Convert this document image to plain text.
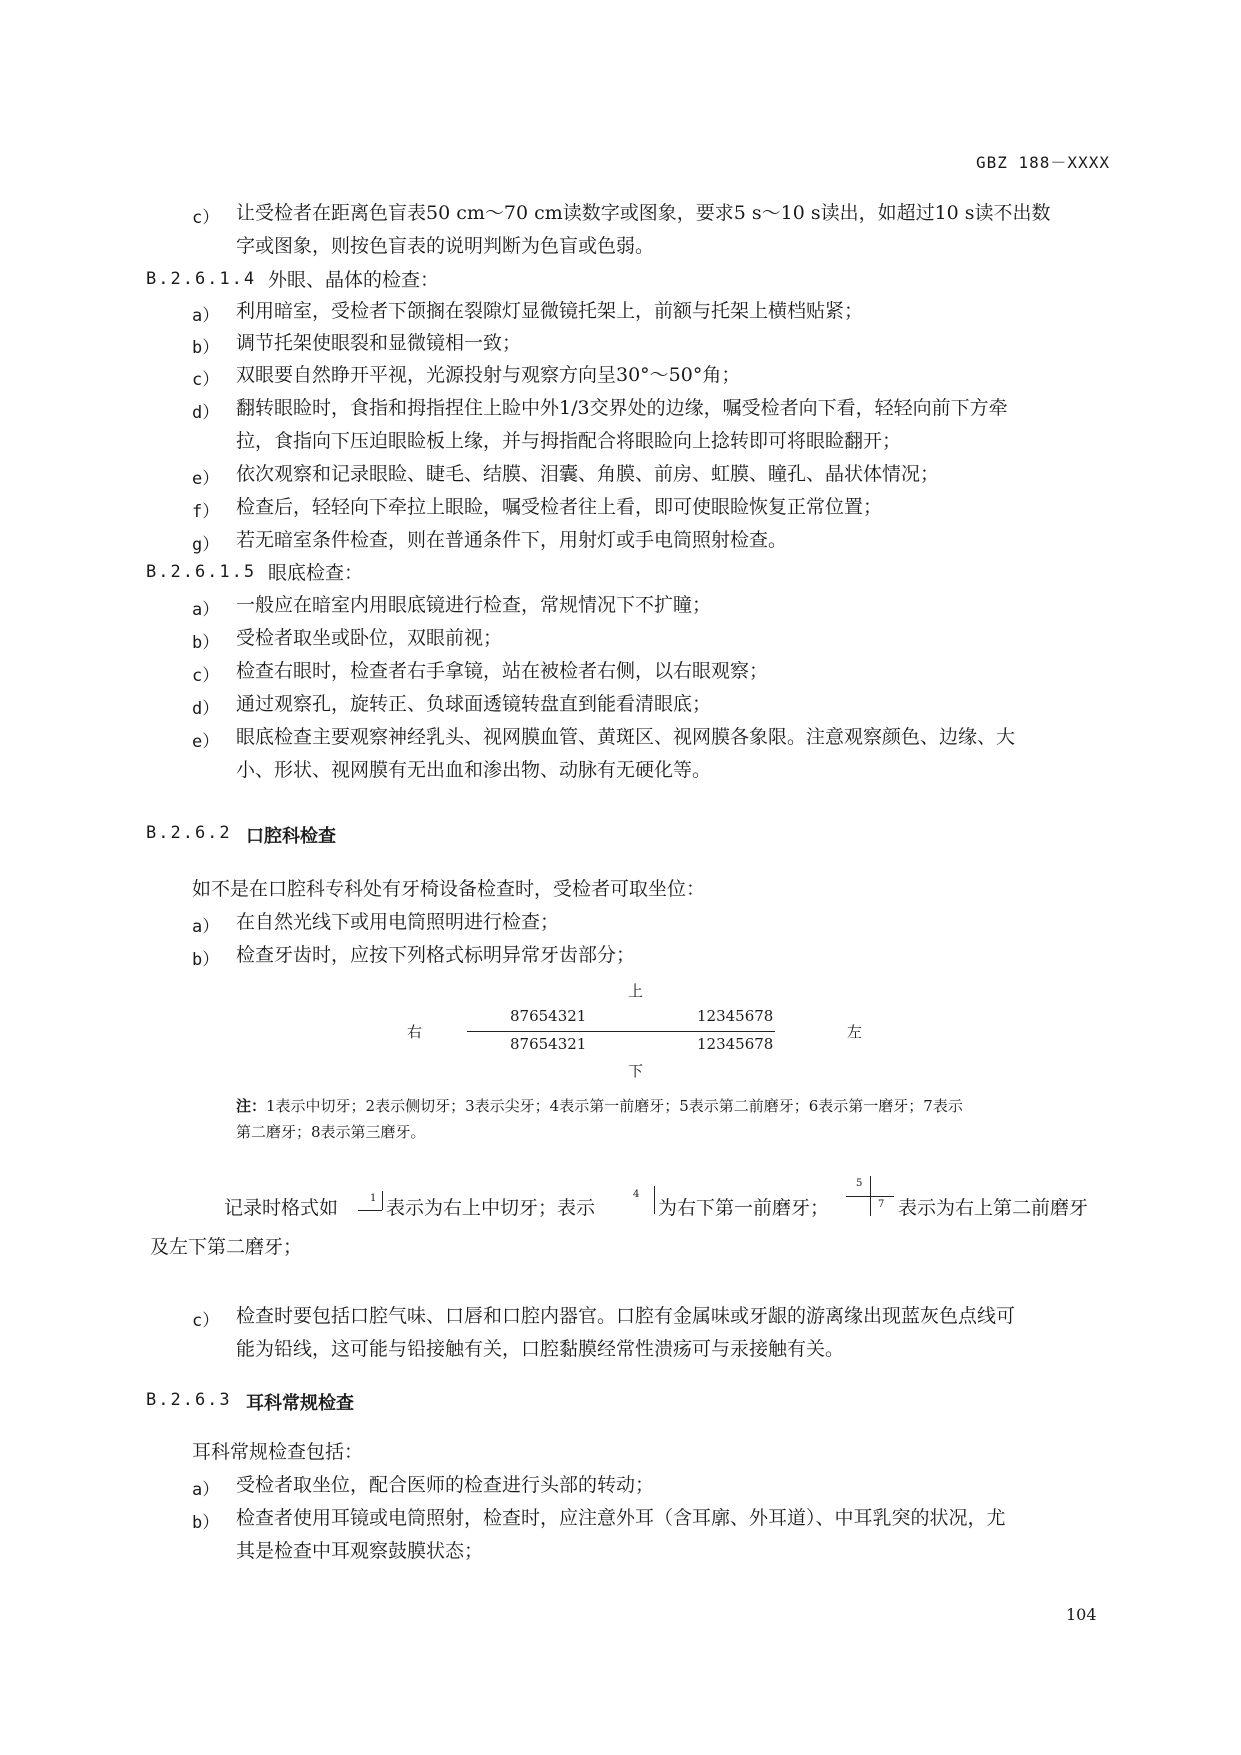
GBZ 188－XXXX
c） 让受检者在距离色盲表50 cm～70 cm读数字或图象，要求5 s～10 s读出，如超过10 s读不出数
字或图象，则按色盲表的说明判断为色盲或色弱。
B.2.6.1.4 外眼、晶体的检查：
a） 利用暗室，受检者下颌搁在裂隙灯显微镜托架上，前额与托架上横档贴紧；
b） 调节托架使眼裂和显微镜相一致；
c） 双眼要自然睁开平视，光源投射与观察方向呈30°～50°角；
d） 翻转眼睑时，食指和拇指捏住上睑中外1/3交界处的边缘，嘱受检者向下看，轻轻向前下方牵
拉，食指向下压迫眼睑板上缘，并与拇指配合将眼睑向上捻转即可将眼睑翻开；
e） 依次观察和记录眼睑、睫毛、结膜、泪囊、角膜、前房、虹膜、瞳孔、晶状体情况；
f） 检查后，轻轻向下牵拉上眼睑，嘱受检者往上看，即可使眼睑恢复正常位置；
g） 若无暗室条件检查，则在普通条件下，用射灯或手电筒照射检查。
B.2.6.1.5 眼底检查：
a） 一般应在暗室内用眼底镜进行检查，常规情况下不扩瞳；
b） 受检者取坐或卧位，双眼前视；
c） 检查右眼时，检查者右手拿镜，站在被检者右侧，以右眼观察；
d） 通过观察孔，旋转正、负球面透镜转盘直到能看清眼底；
e） 眼底检查主要观察神经乳头、视网膜血管、黄斑区、视网膜各象限。注意观察颜色、边缘、大
小、形状、视网膜有无出血和渗出物、动脉有无硬化等。
B.2.6.2 口腔科检查
如不是在口腔科专科处有牙椅设备检查时，受检者可取坐位：
a） 在自然光线下或用电筒照明进行检查；
b） 检查牙齿时，应按下列格式标明异常牙齿部分；
上
右	左
87654321	12345678
87654321	12345678
下
注：1表示中切牙；2表示侧切牙；3表示尖牙；4表示第一前磨牙；5表示第二前磨牙；6表示第一磨牙；7表示
第二磨牙；8表示第三磨牙。
记录时格式如	1 表示为右上中切牙；表示
4
为右下第一前磨牙；
5
7 表示为右上第二前磨牙
及左下第二磨牙；
c） 检查时要包括口腔气味、口唇和口腔内器官。口腔有金属味或牙龈的游离缘出现蓝灰色点线可
能为铅线，这可能与铅接触有关，口腔黏膜经常性溃疡可与汞接触有关。
B.2.6.3 耳科常规检查
耳科常规检查包括：
a） 受检者取坐位，配合医师的检查进行头部的转动；
b） 检查者使用耳镜或电筒照射，检查时，应注意外耳（含耳廓、外耳道）、中耳乳突的状况，尤
其是检查中耳观察鼓膜状态；
104
